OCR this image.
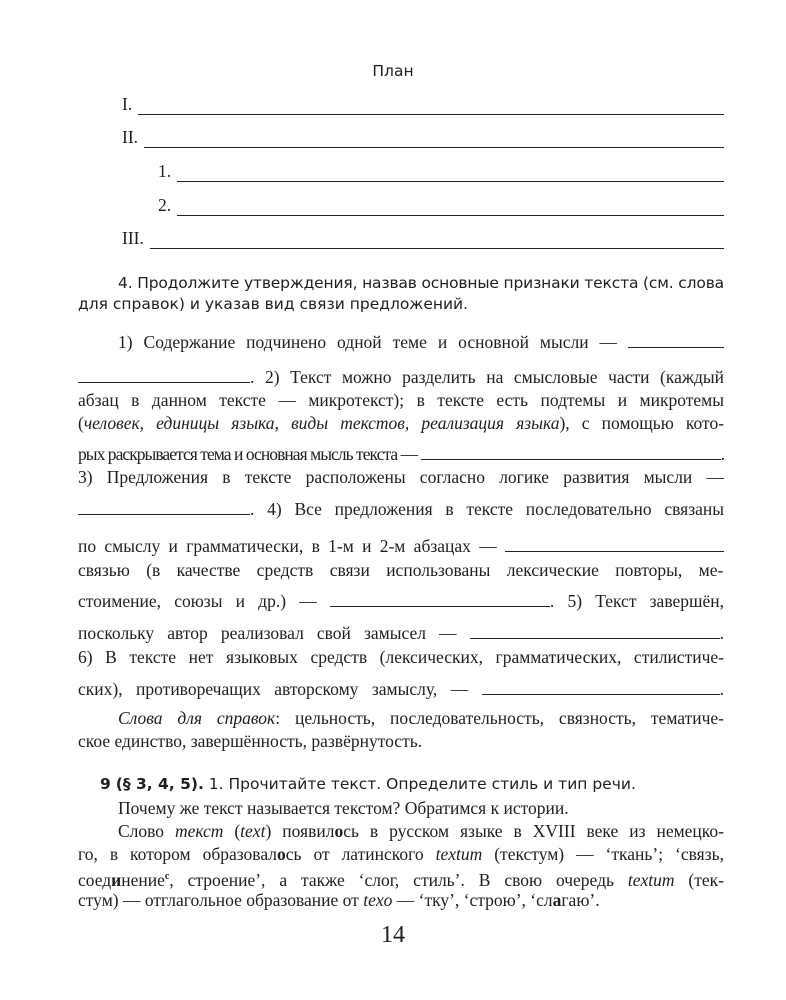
План
I.
II.
1.
2.
III.
4. Продолжите утверждения, назвав основные признаки текста (см. слова
для справок) и указав вид связи предложений.
1) Содержание подчинено одной теме и основной мысли —
. 2) Текст можно разделить на смысловые части (каждый
абзац в данном тексте — микротекст); в тексте есть подтемы и микротемы
(человек, единицы языка, виды текстов, реализация языка), с помощью кото-
рых раскрывается тема и основная мысль текста —	.
3) Предложения в тексте расположены согласно логике развития мысли —
. 4) Все предложения в тексте последовательно связаны
по смыслу и грамматически, в 1-м и 2-м абзацах —
связью (в качестве средств связи использованы лексические повторы, ме-
стоимение, союзы и др.) —	. 5) Текст завершён,
поскольку автор реализовал свой замысел —	.
6) В тексте нет языковых средств (лексических, грамматических, стилистиче-
ских), противоречащих авторскому замыслу, —	.
Слова для справок: цельность, последовательность, связность, тематиче-
ское единство, завершённость, развёрнутость.
9 (§ 3, 4, 5). 1. Прочитайте текст. Определите стиль и тип речи.
Почему же текст называется текстом? Обратимся к истории.
Слово текст (text) появилось в русском языке в XVIII веке из немецко-
го, в котором образовалось от латинского textum (текстум) — ‘ткань’; ‘связь,
соединение$^c$, строение’, а также ‘слог, стиль’. В свою очередь textum (тек-
стум) — отглагольное образование от texo — ‘тку’, ‘строю’, ‘слагаю’.
14
